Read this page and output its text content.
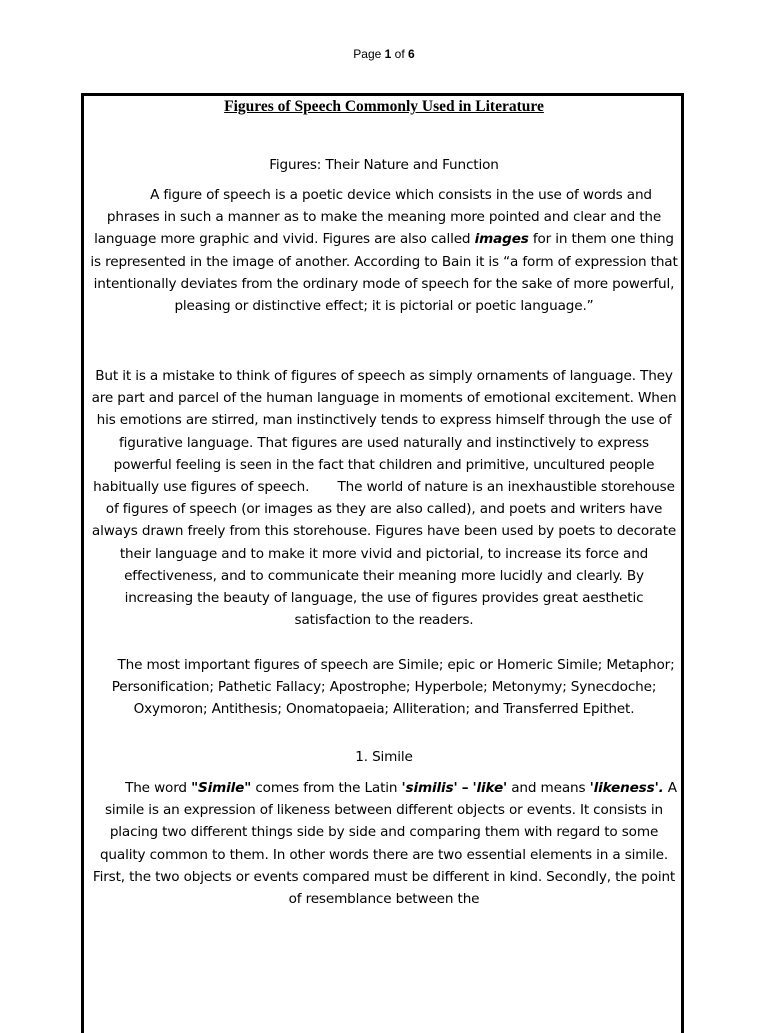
Page 1 of 6
Figures of Speech Commonly Used in Literature

Figures: Their Nature and Function

A figure of speech is a poetic device which consists in the use of words and phrases in such a manner as to make the meaning more pointed and clear and the language more graphic and vivid. Figures are also called images for in them one thing is represented in the image of another. According to Bain it is “a form of expression that intentionally deviates from the ordinary mode of speech for the sake of more powerful, pleasing or distinctive effect; it is pictorial or poetic language.”

But it is a mistake to think of figures of speech as simply ornaments of language. They are part and parcel of the human language in moments of emotional excitement. When his emotions are stirred, man instinctively tends to express himself through the use of figurative language. That figures are used naturally and instinctively to express powerful feeling is seen in the fact that children and primitive, uncultured people habitually use figures of speech. The world of nature is an inexhaustible storehouse of figures of speech (or images as they are also called), and poets and writers have always drawn freely from this storehouse. Figures have been used by poets to decorate their language and to make it more vivid and pictorial, to increase its force and effectiveness, and to communicate their meaning more lucidly and clearly. By increasing the beauty of language, the use of figures provides great aesthetic satisfaction to the readers.

The most important figures of speech are Simile; epic or Homeric Simile; Metaphor; Personification; Pathetic Fallacy; Apostrophe; Hyperbole; Metonymy; Synecdoche; Oxymoron; Antithesis; Onomatopaeia; Alliteration; and Transferred Epithet.

1. Simile

The word "Simile" comes from the Latin 'similis' – 'like' and means 'likeness'. A simile is an expression of likeness between different objects or events. It consists in placing two different things side by side and comparing them with regard to some quality common to them. In other words there are two essential elements in a simile. First, the two objects or events compared must be different in kind. Secondly, the point of resemblance between the
